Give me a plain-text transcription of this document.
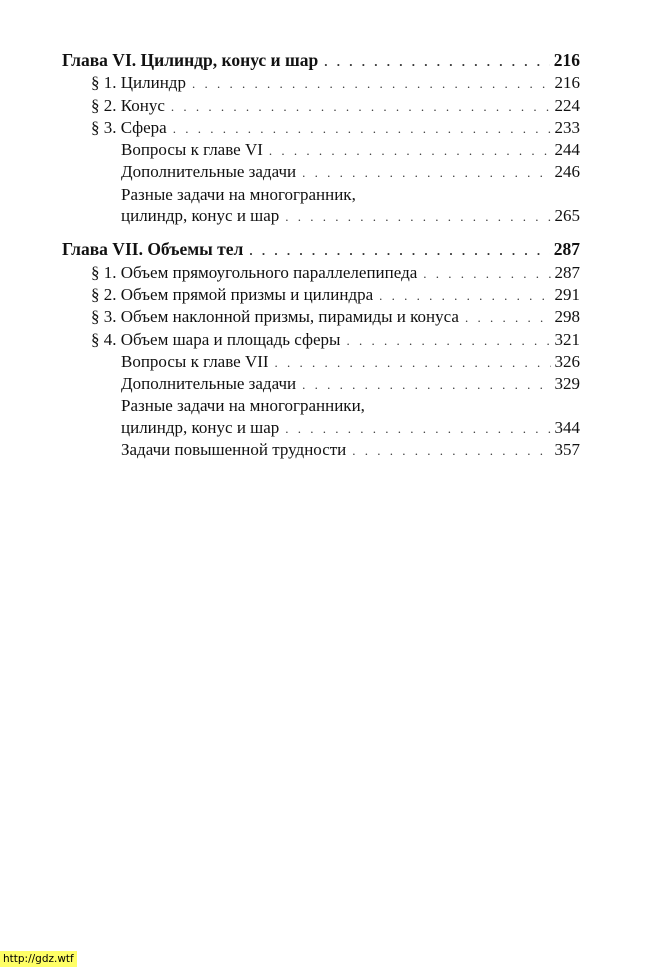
Глава VI. Цилиндр, конус и шар . . .	216
§ 1. Цилиндр . . .	216
§ 2. Конус . . .	224
§ 3. Сфера . . .	233
Вопросы к главе VI . . .	244
Дополнительные задачи . . .	246
Разные задачи на многогранник,
цилиндр, конус и шар . . .	265
Глава VII. Объемы тел . . .	287
§ 1. Объем прямоугольного параллелепипеда . . .	287
§ 2. Объем прямой призмы и цилиндра . . .	291
§ 3. Объем наклонной призмы, пирамиды и конуса . . .	298
§ 4. Объем шара и площадь сферы . . .	321
Вопросы к главе VII . . .	326
Дополнительные задачи . . .	329
Разные задачи на многогранники,
цилиндр, конус и шар . . .	344
Задачи повышенной трудности . . .	357
http://gdz.wtf
